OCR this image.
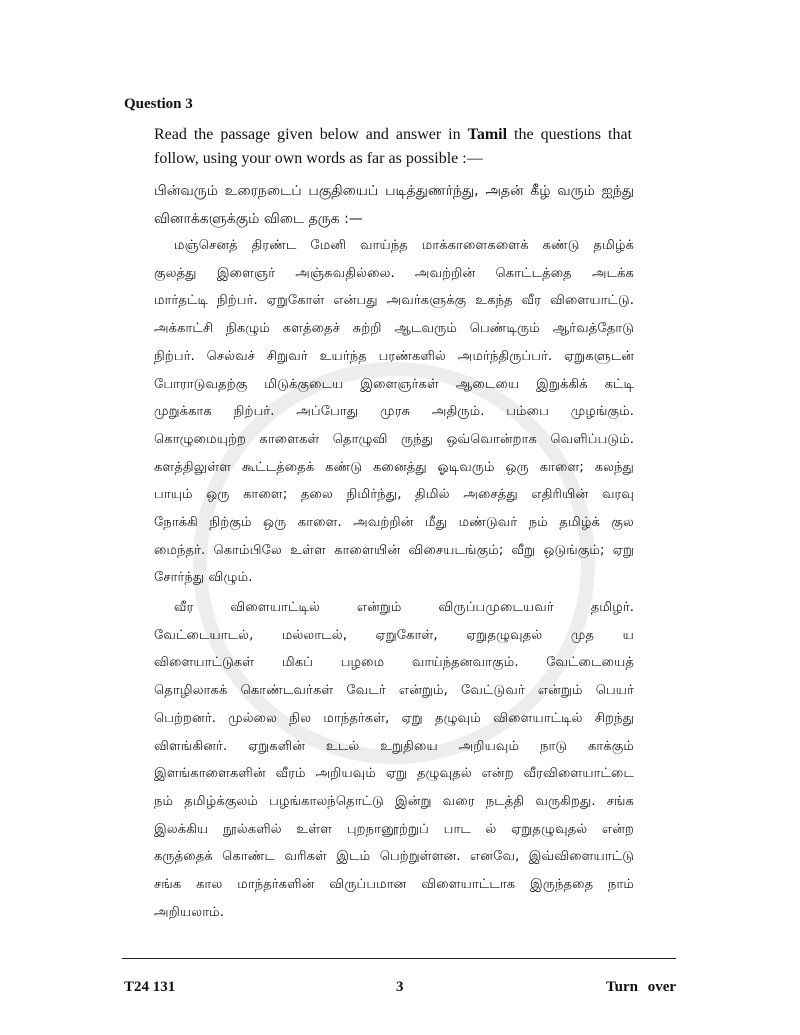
Question 3
Read the passage given below and answer in Tamil the questions that follow, using your own words as far as possible :—
பின்வரும் உரைநடைப் பகுதியைப் படித்துணர்ந்து, அதன் கீழ் வரும் ஐந்து வினாக்களுக்கும் விடை தருக :—
மஞ்செனத் திரண்ட மேனி வாய்ந்த மாக்காளைகளைக் கண்டு தமிழ்க்
குலத்து இளைஞர் அஞ்சுவதில்லை. அவற்றின் கொட்டத்தை அடக்க
மார்தட்டி நிற்பர். ஏறுகோள் என்பது அவர்களுக்கு உகந்த வீர விளையாட்டு.
அக்காட்சி நிகழும் களத்தைச் சுற்றி ஆடவரும் பெண்டிரும் ஆர்வத்தோடு
நிற்பர். செல்வச் சிறுவர் உயர்ந்த பரண்களில் அமர்ந்திருப்பர். ஏறுகளுடன்
போராடுவதற்கு மிடுக்குடைய இளைஞர்கள் ஆடையை இறுக்கிக் கட்டி
முறுக்காக நிற்பர். அப்போது முரசு அதிரும். பம்பை முழங்கும்.
கொழுமையுற்ற காளைகள் தொழுவி ருந்து ஒவ்வொன்றாக வெளிப்படும்.
களத்திலுள்ள கூட்டத்தைக் கண்டு கனைத்து ஓடிவரும் ஒரு காளை; கலந்து
பாயும் ஒரு காளை; தலை நிமிர்ந்து, திமில் அசைத்து எதிரியின் வரவு
நோக்கி நிற்கும் ஒரு காளை. அவற்றின் மீது மண்டுவர் நம் தமிழ்க் குல
மைந்தர். கொம்பிலே உள்ள காளையின் விசையடங்கும்; வீறு ஒடுங்கும்; ஏறு
சோர்ந்து விழும்.
வீர விளையாட்டில் என்றும் விருப்பமுடையவர் தமிழர்.
வேட்டையாடல், மல்லாடல், ஏறுகோள், ஏறுதழுவுதல் முத ய
விளையாட்டுகள் மிகப் பழமை வாய்ந்தனவாகும். வேட்டையைத்
தொழிலாகக் கொண்டவர்கள் வேடர் என்றும், வேட்டுவர் என்றும் பெயர்
பெற்றனர். முல்லை நில மாந்தர்கள், ஏறு தழுவும் விளையாட்டில் சிறந்து
விளங்கினர். ஏறுகளின் உடல் உறுதியை அறியவும் நாடு காக்கும்
இளங்காளைகளின் வீரம் அறியவும் ஏறு தழுவுதல் என்ற வீரவிளையாட்டை
நம் தமிழ்க்குலம் பழங்காலந்தொட்டு இன்று வரை நடத்தி வருகிறது. சங்க
இலக்கிய நூல்களில் உள்ள புறநானூற்றுப் பாட ல் ஏறுதழுவுதல் என்ற
கருத்தைக் கொண்ட வரிகள் இடம் பெற்றுள்ளன. எனவே, இவ்விளையாட்டு
சங்க கால மாந்தர்களின் விருப்பமான விளையாட்டாக இருந்ததை நாம்
அறியலாம்.
T24 131	3	Turn over
